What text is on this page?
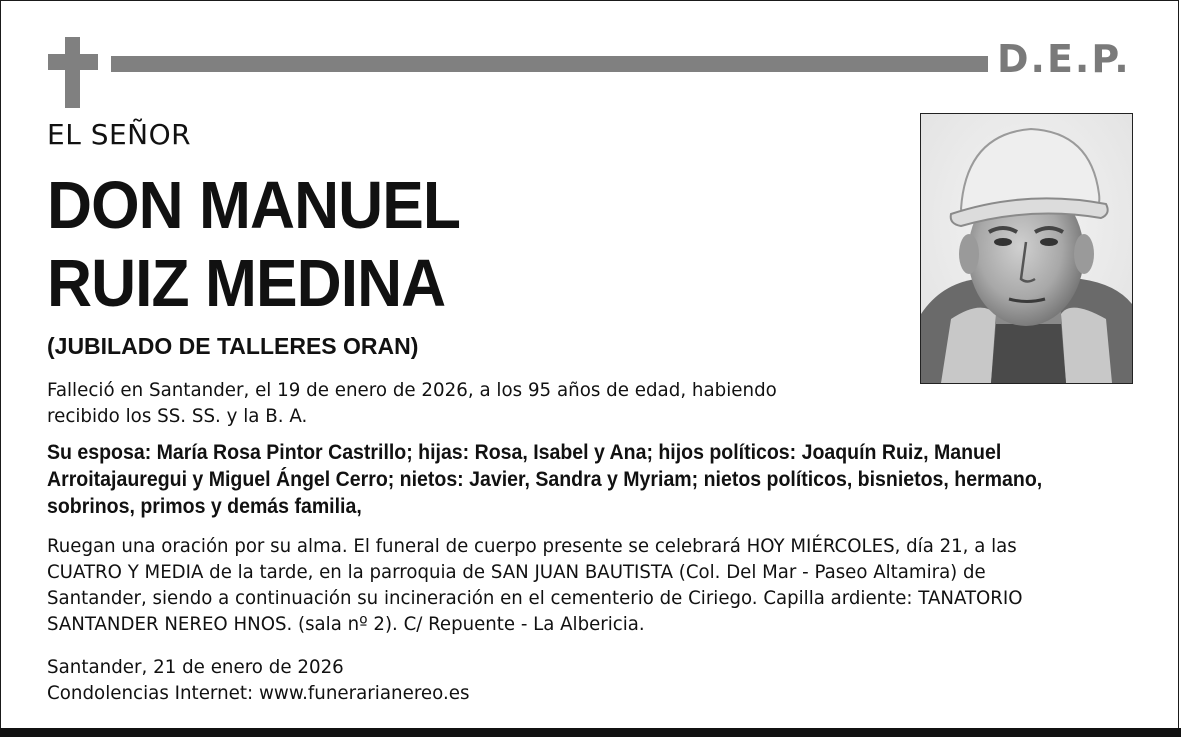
D.E.P.
EL SEÑOR
DON MANUEL
RUIZ MEDINA
(JUBILADO DE TALLERES ORAN)
Falleció en Santander, el 19 de enero de 2026, a los 95 años de edad, habiendo
recibido los SS. SS. y la B. A.
Su esposa: María Rosa Pintor Castrillo; hijas: Rosa, Isabel y Ana; hijos políticos: Joaquín Ruiz, Manuel
Arroitajauregui y Miguel Ángel Cerro; nietos: Javier, Sandra y Myriam; nietos políticos, bisnietos, hermano,
sobrinos, primos y demás familia,
Ruegan una oración por su alma. El funeral de cuerpo presente se celebrará HOY MIÉRCOLES, día 21, a las
CUATRO Y MEDIA de la tarde, en la parroquia de SAN JUAN BAUTISTA (Col. Del Mar - Paseo Altamira) de
Santander, siendo a continuación su incineración en el cementerio de Ciriego. Capilla ardiente: TANATORIO
SANTANDER NEREO HNOS. (sala nº 2). C/ Repuente - La Albericia.
Santander, 21 de enero de 2026
Condolencias Internet: www.funerarianereo.es
